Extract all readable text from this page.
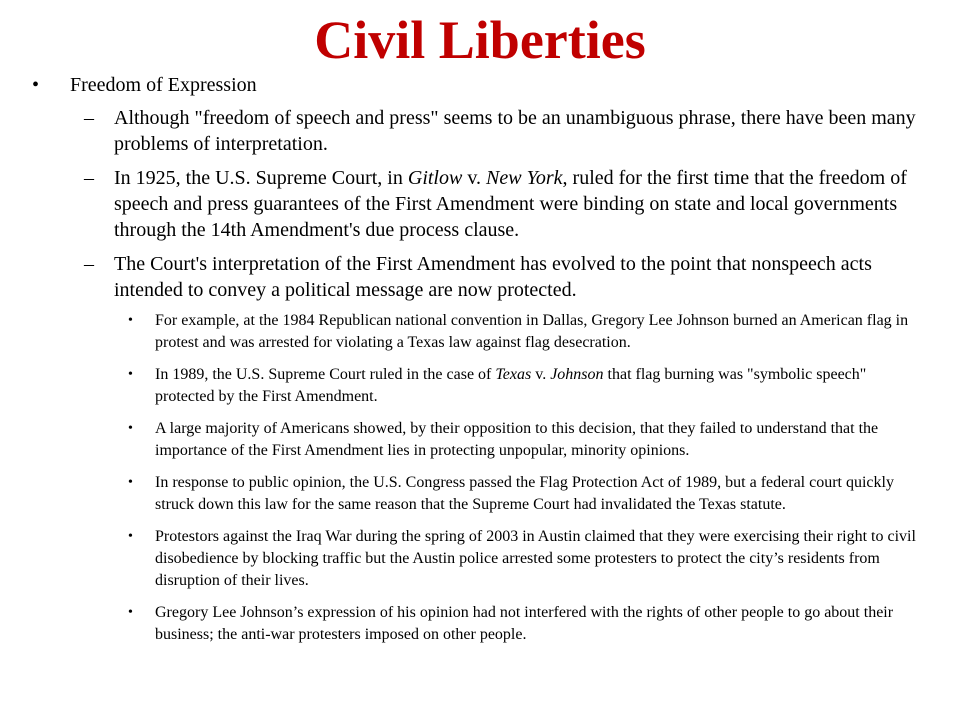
Civil Liberties
• Freedom of Expression
– Although "freedom of speech and press" seems to be an unambiguous phrase, there have been many problems of interpretation.
– In 1925, the U.S. Supreme Court, in Gitlow v. New York, ruled for the first time that the freedom of speech and press guarantees of the First Amendment were binding on state and local governments through the 14th Amendment's due process clause.
– The Court's interpretation of the First Amendment has evolved to the point that nonspeech acts intended to convey a political message are now protected.
• For example, at the 1984 Republican national convention in Dallas, Gregory Lee Johnson burned an American flag in protest and was arrested for violating a Texas law against flag desecration.
• In 1989, the U.S. Supreme Court ruled in the case of Texas v. Johnson that flag burning was "symbolic speech" protected by the First Amendment.
• A large majority of Americans showed, by their opposition to this decision, that they failed to understand that the importance of the First Amendment lies in protecting unpopular, minority opinions.
• In response to public opinion, the U.S. Congress passed the Flag Protection Act of 1989, but a federal court quickly struck down this law for the same reason that the Supreme Court had invalidated the Texas statute.
• Protestors against the Iraq War during the spring of 2003 in Austin claimed that they were exercising their right to civil disobedience by blocking traffic but the Austin police arrested some protesters to protect the city’s residents from disruption of their lives.
• Gregory Lee Johnson’s expression of his opinion had not interfered with the rights of other people to go about their business; the anti-war protesters imposed on other people.
